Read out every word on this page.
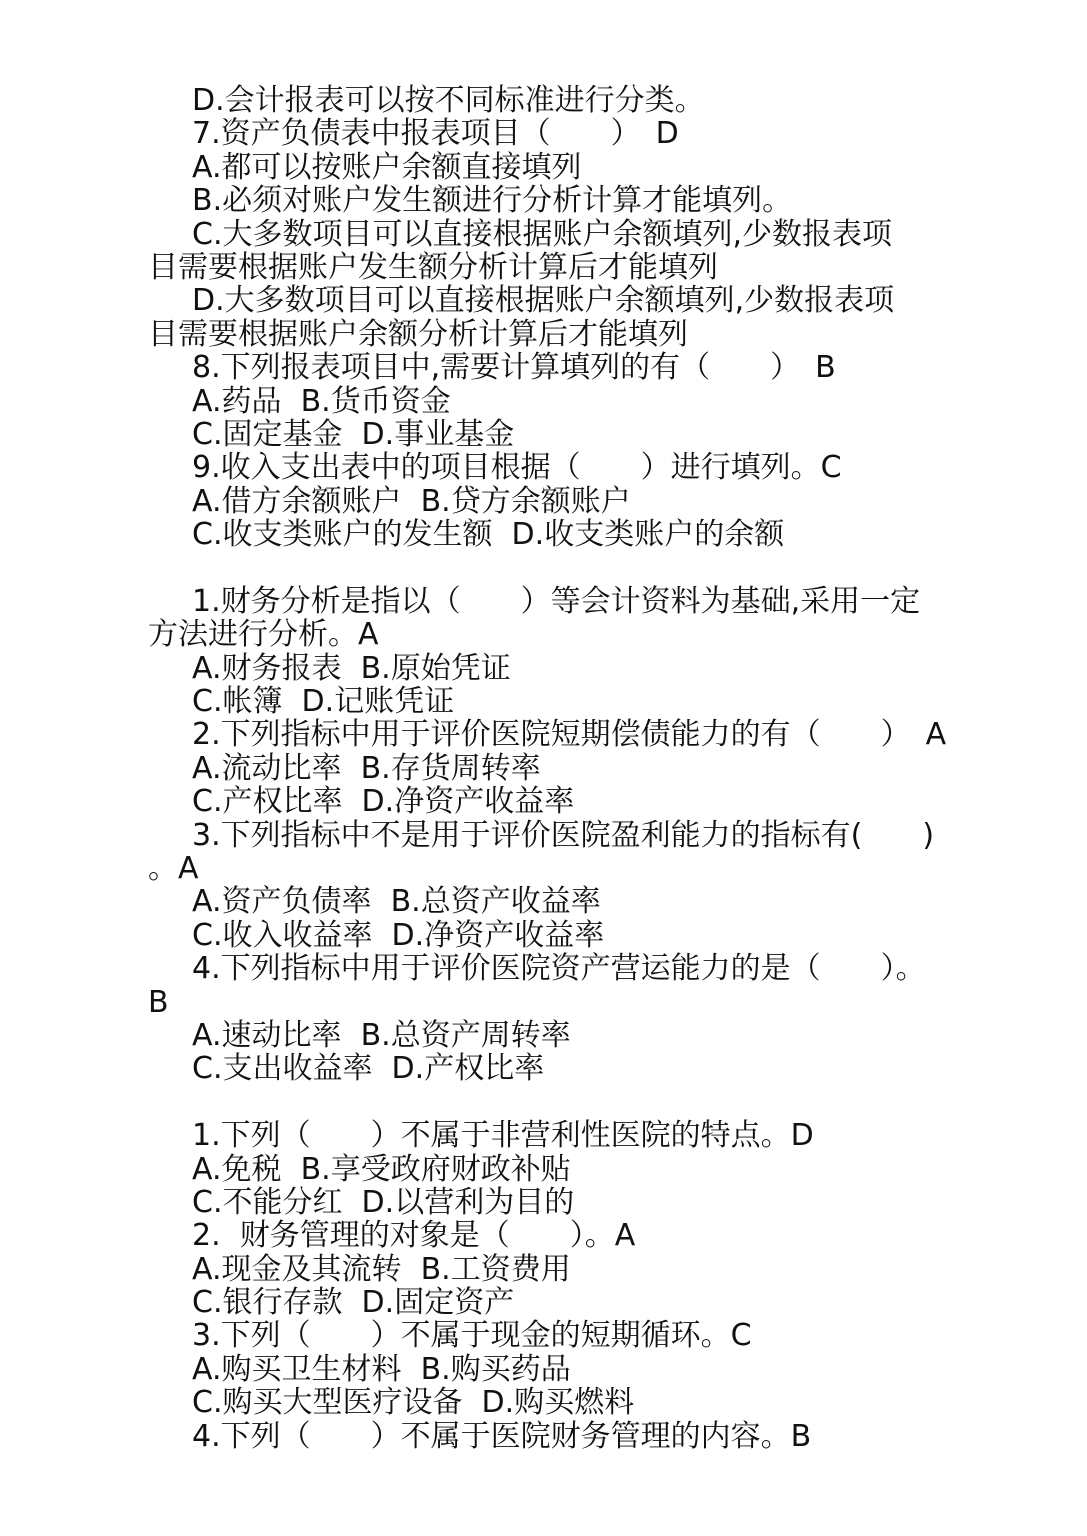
D.会计报表可以按不同标准进行分类。
7.资产负债表中报表项目（　　）　D
A.都可以按账户余额直接填列
B.必须对账户发生额进行分析计算才能填列。
C.大多数项目可以直接根据账户余额填列,少数报表项
目需要根据账户发生额分析计算后才能填列
D.大多数项目可以直接根据账户余额填列,少数报表项
目需要根据账户余额分析计算后才能填列
8.下列报表项目中,需要计算填列的有（　　）　B
A.药品  B.货币资金
C.固定基金  D.事业基金
9.收入支出表中的项目根据（　　）进行填列。C
A.借方余额账户  B.贷方余额账户
C.收支类账户的发生额  D.收支类账户的余额
1.财务分析是指以（　　）等会计资料为基础,采用一定
方法进行分析。A
A.财务报表  B.原始凭证
C.帐簿  D.记账凭证
2.下列指标中用于评价医院短期偿债能力的有（　　）　A
A.流动比率  B.存货周转率
C.产权比率  D.净资产收益率
3.下列指标中不是用于评价医院盈利能力的指标有(　　)
。A
A.资产负债率  B.总资产收益率
C.收入收益率  D.净资产收益率
4.下列指标中用于评价医院资产营运能力的是（　　）。
B
A.速动比率  B.总资产周转率
C.支出收益率  D.产权比率
1.下列（　　）不属于非营利性医院的特点。D
A.免税  B.享受政府财政补贴
C.不能分红  D.以营利为目的
2.  财务管理的对象是（　　）。A
A.现金及其流转  B.工资费用
C.银行存款  D.固定资产
3.下列（　　）不属于现金的短期循环。C
A.购买卫生材料  B.购买药品
C.购买大型医疗设备  D.购买燃料
4.下列（　　）不属于医院财务管理的内容。B
